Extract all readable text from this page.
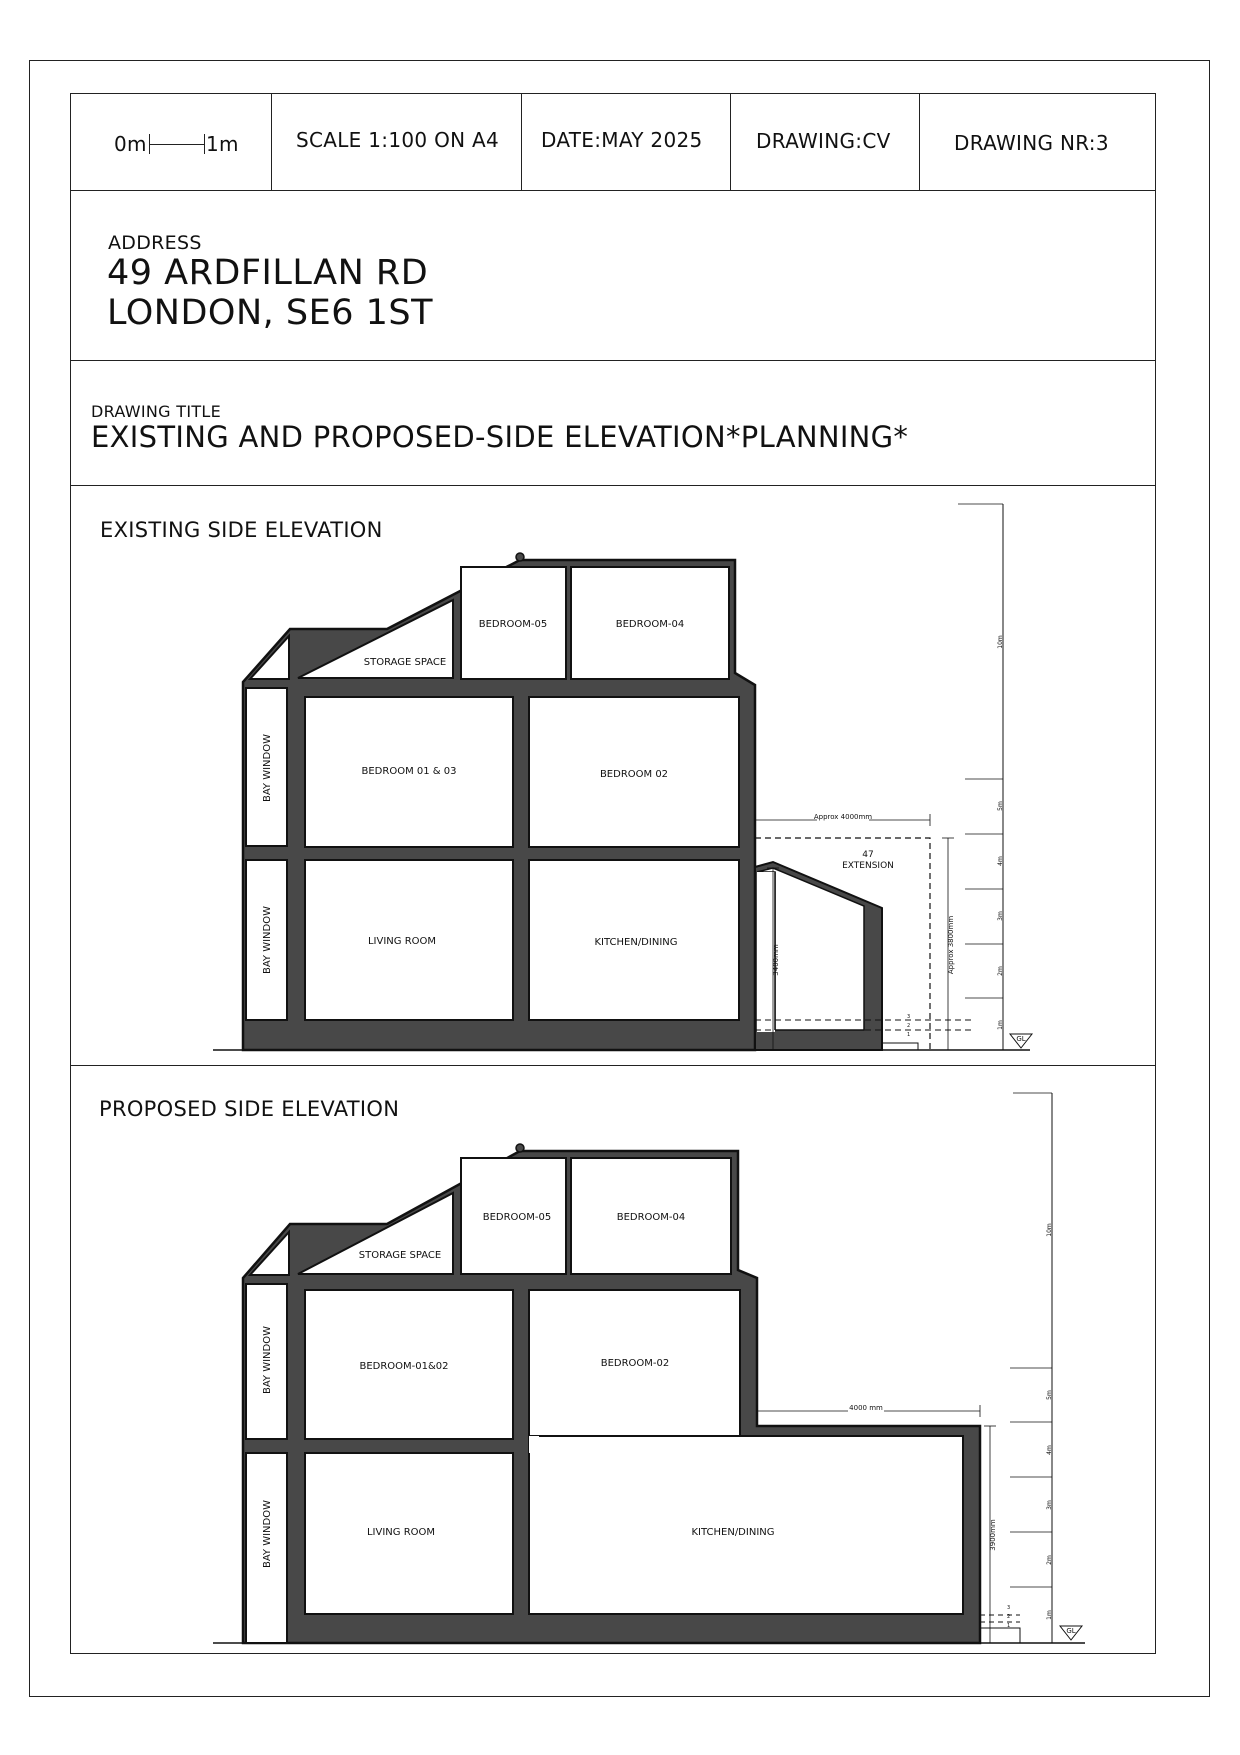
0m	1m	SCALE 1:100 ON A4 DATE:MAY 2025	DRAWING:CV	DRAWING NR:3
ADDRESS
49 ARDFILLAN RD
LONDON, SE6 1ST
DRAWING TITLE
EXISTING AND PROPOSED-SIDE ELEVATION*PLANNING*
EXISTING SIDE ELEVATION
PROPOSED SIDE ELEVATION
47
EXTENSION
Approx 4000mm
3400mm	Approx 3800mm
10m
5m
4m
3m
2m
1m
3
2
1	GL
BEDROOM-05	BEDROOM-04
STORAGE SPACE
BAY WINDOW	BEDROOM 01 & 03	BEDROOM 02
BAY WINDOW	LIVING ROOM	KITCHEN/DINING
4000 mm
3900mm
10m
5m
4m
3m
2m
1m
3
2
1
GL
BEDROOM-05	BEDROOM-04
STORAGE SPACE
BAY WINDOW	BEDROOM-01&02	BEDROOM-02
BAY WINDOW	LIVING ROOM	KITCHEN/DINING
